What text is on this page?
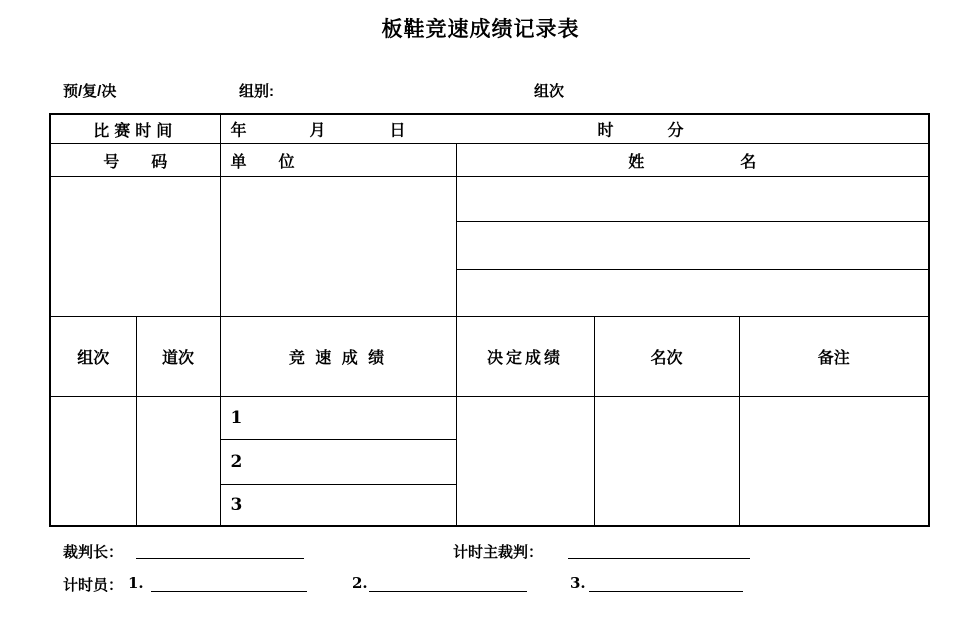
板鞋竞速成绩记录表
预/复/决	组别:	组次
比赛时间		年 月 日 时 分			

号　　码		单　　位	姓　　　　　　名		

组次	道次	竞 速 成 绩	决定成绩	名次	备注
		1			
		2			
		3			
裁判长：	计时主裁判：
计时员： 1.	2.	3.
